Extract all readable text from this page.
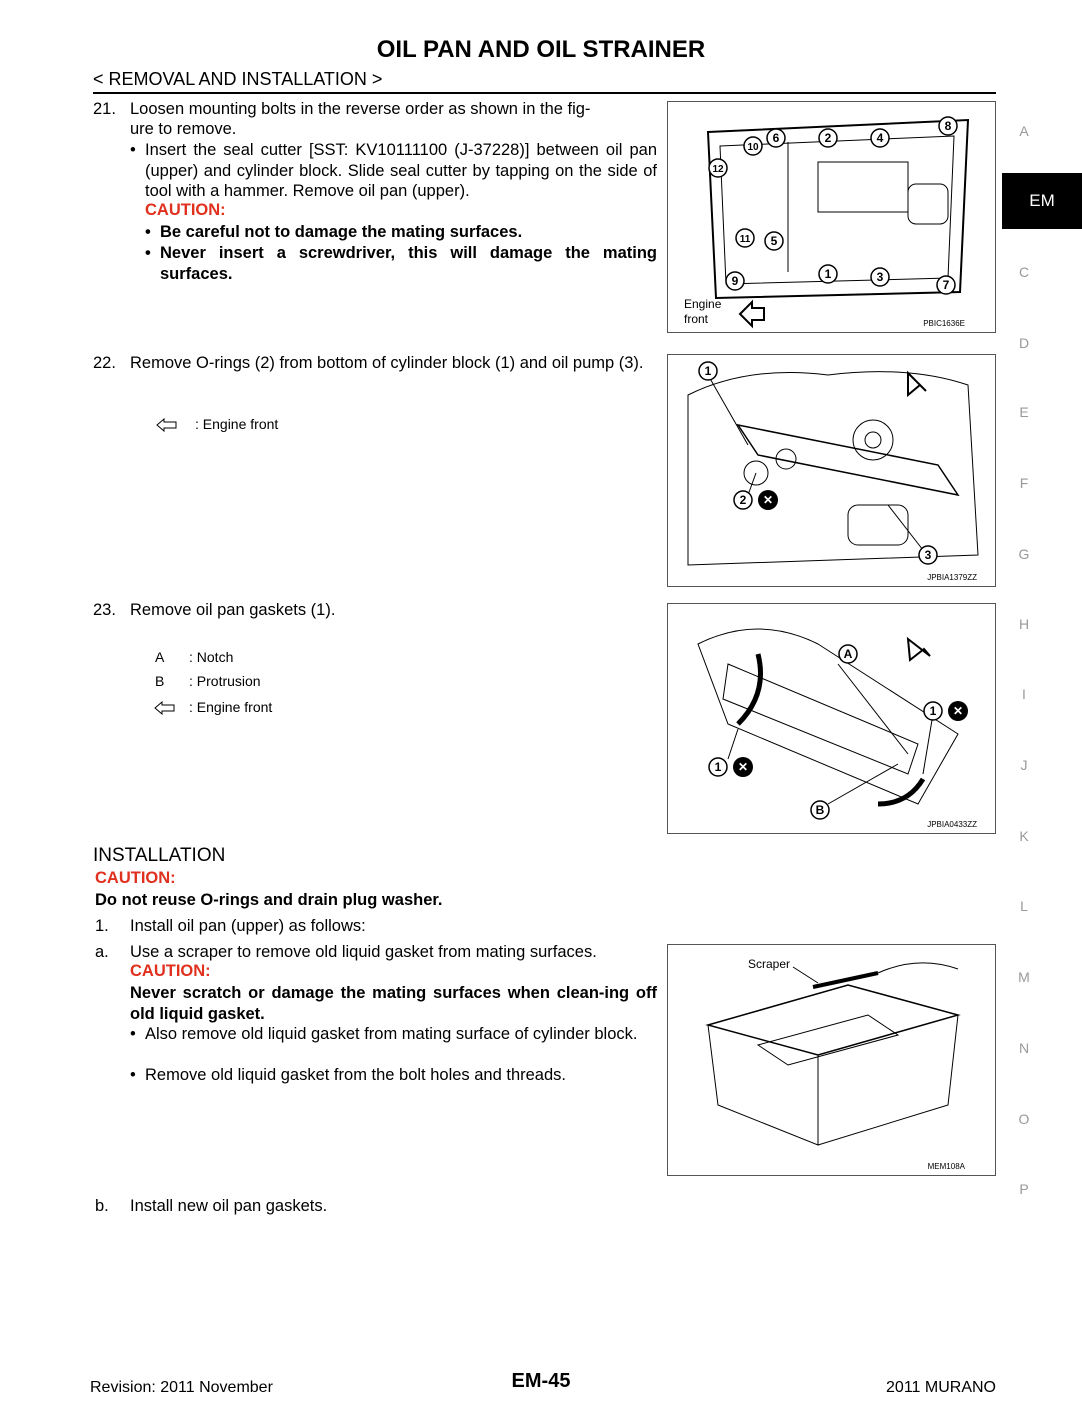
OIL PAN AND OIL STRAINER
< REMOVAL AND INSTALLATION >
21. Loosen mounting bolts in the reverse order as shown in the fig-
ure to remove.
• Insert the seal cutter [SST: KV10111100 (J-37228)] between oil pan (upper) and cylinder block. Slide seal cutter by tapping on the side of tool with a hammer. Remove oil pan (upper).
CAUTION:
• Be careful not to damage the mating surfaces.
• Never insert a screwdriver, this will damage the mating surfaces.
6	2	4
8
10
12
11 5
9	1	3
7
Engine
front	PBIC1636E
22. Remove O-rings (2) from bottom of cylinder block (1) and oil pump (3).
: Engine front
1
2 ✕
3
JPBIA1379ZZ
23. Remove oil pan gaskets (1).
A : Notch
B : Protrusion
: Engine front
A
B
1 ✕
1 ✕
JPBIA0433ZZ
INSTALLATION
CAUTION:
Do not reuse O-rings and drain plug washer.
1. Install oil pan (upper) as follows:
a. Use a scraper to remove old liquid gasket from mating surfaces.
CAUTION:
Never scratch or damage the mating surfaces when clean-ing off old liquid gasket.
• Also remove old liquid gasket from mating surface of cylinder block.
• Remove old liquid gasket from the bolt holes and threads.
Scraper
MEM108A
b. Install new oil pan gaskets.
A
EM
C
D
E
F
G
H
I
J
K
L
M
N
O
P
Revision: 2011 November	EM-45	2011 MURANO
